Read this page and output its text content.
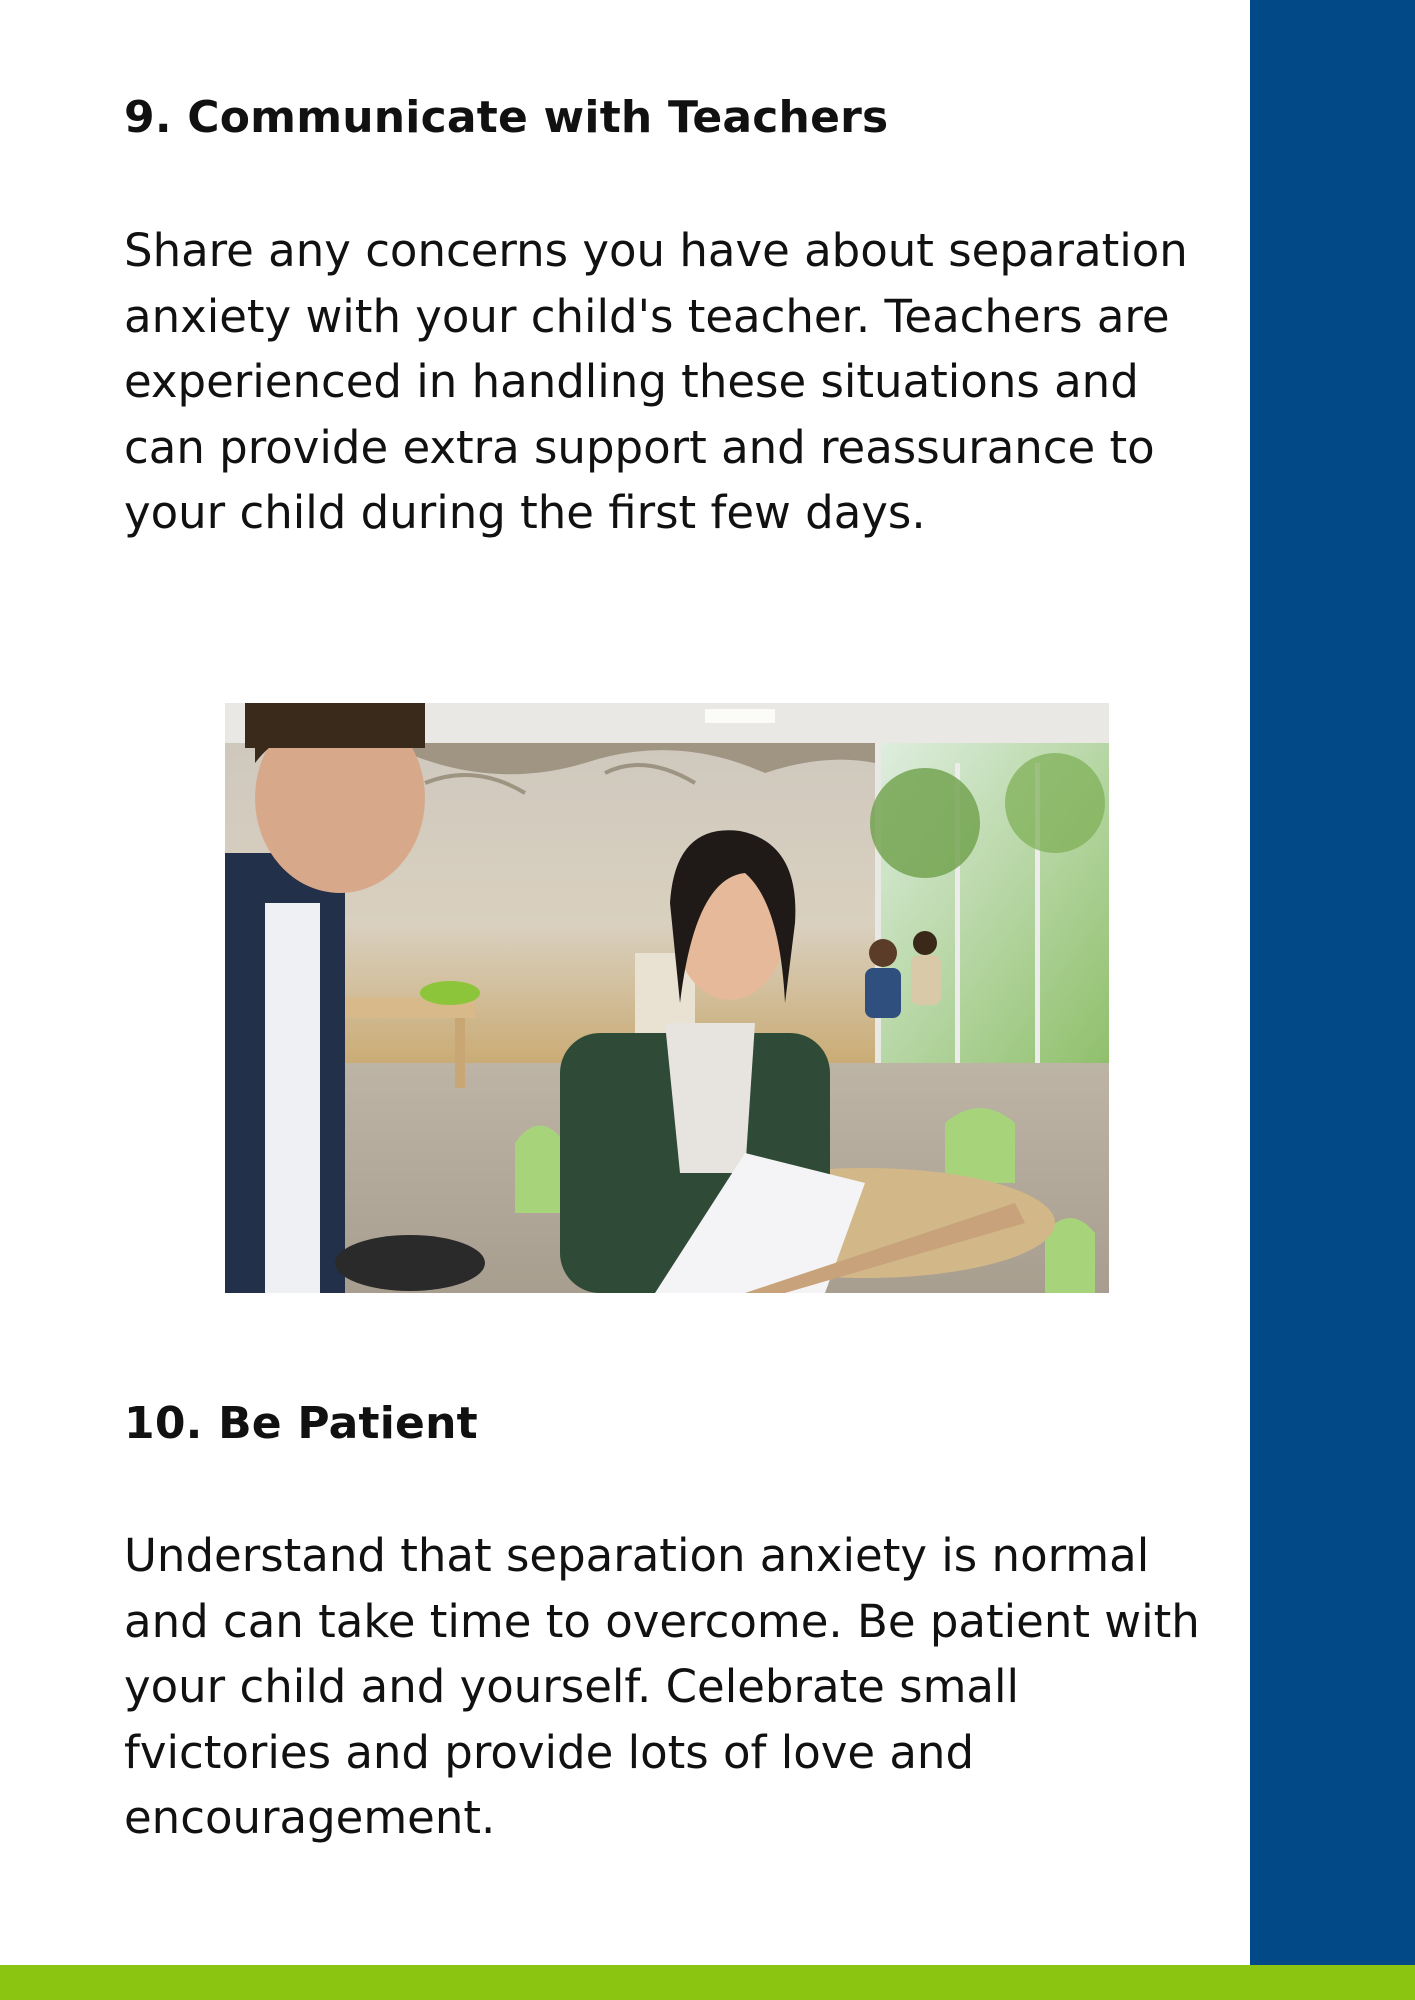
9. Communicate with Teachers

Share any concerns you have about separation anxiety with your child's teacher. Teachers are experienced in handling these situations and can provide extra support and reassurance to your child during the first few days.

10. Be Patient

Understand that separation anxiety is normal and can take time to overcome. Be patient with your child and yourself. Celebrate small fvictories and provide lots of love and encouragement.
